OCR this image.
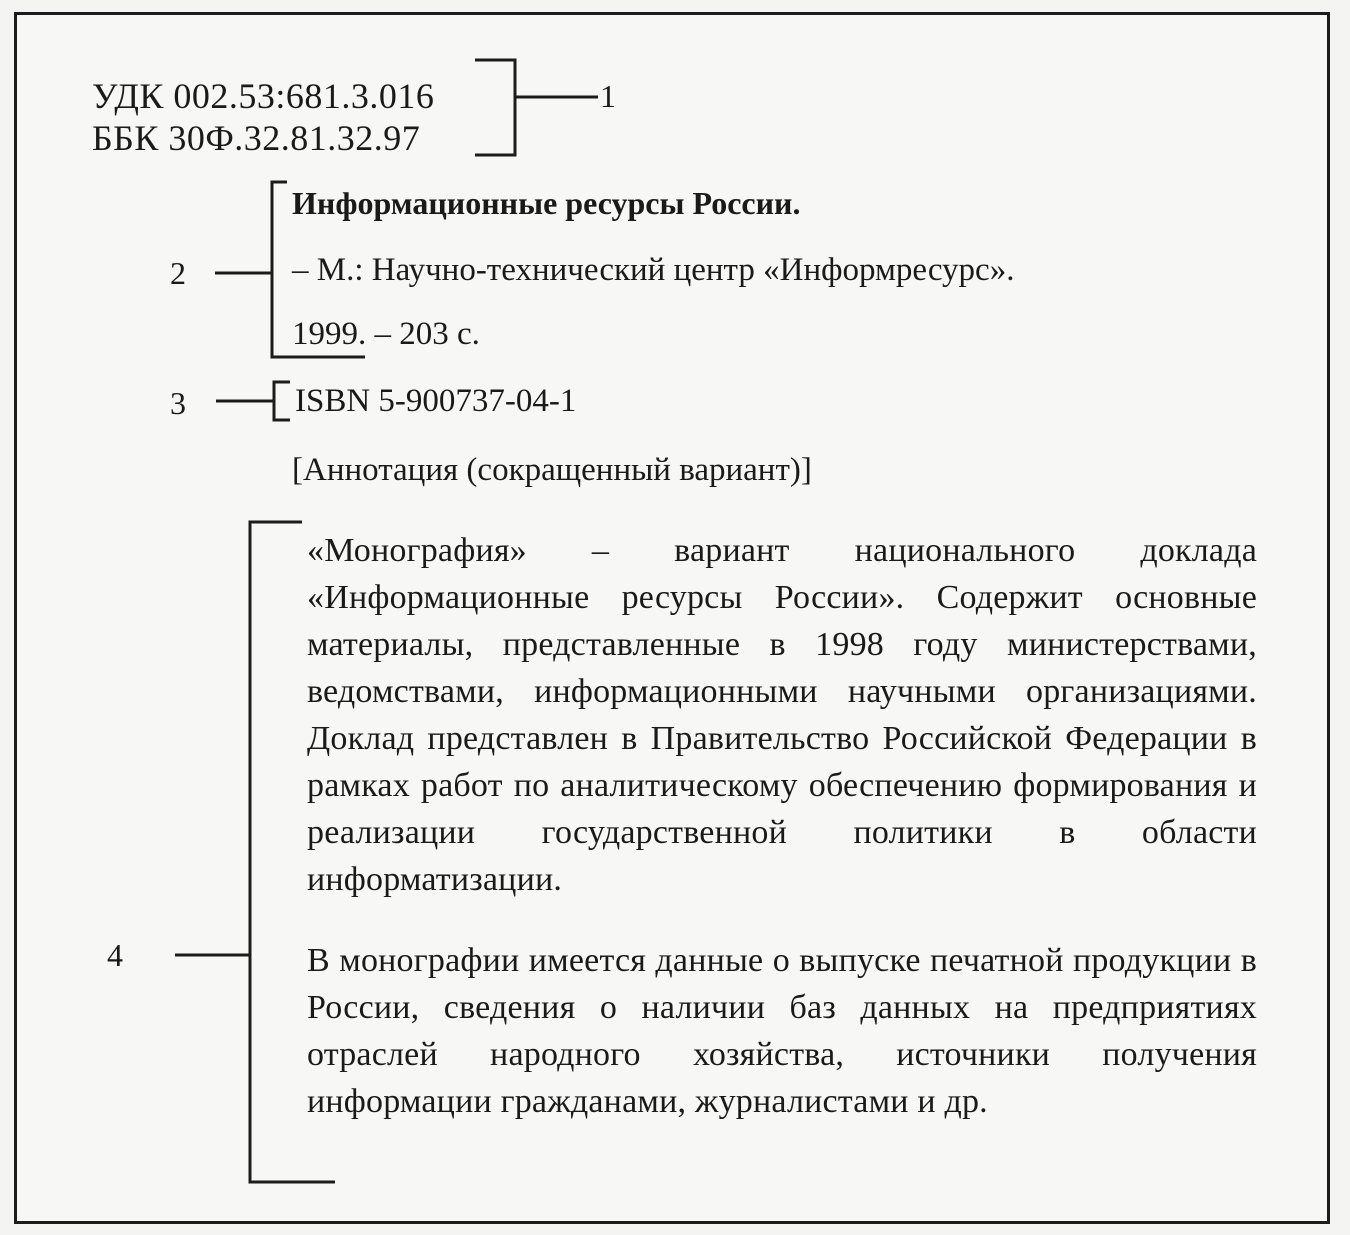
УДК 002.53:681.3.016
ББК 30Ф.32.81.32.97
1
2
3
4
Информационные ресурсы России.
– М.: Научно-технический центр «Информресурс».
1999. – 203 с.
ISBN 5-900737-04-1
[Аннотация (сокращенный вариант)]

«Монография» – вариант национального доклада «Информационные ресурсы России». Содержит основные материалы, представленные в 1998 году министерствами, ведомствами, информационными научными организациями. Доклад представлен в Правительство Российской Федерации в рамках работ по аналитическому обеспечению формирования и реализации государственной политики в области информатизации.

В монографии имеется данные о выпуске печатной продукции в России, сведения о наличии баз данных на предприятиях отраслей народного хозяйства, источники получения информации гражданами, журналистами и др.
